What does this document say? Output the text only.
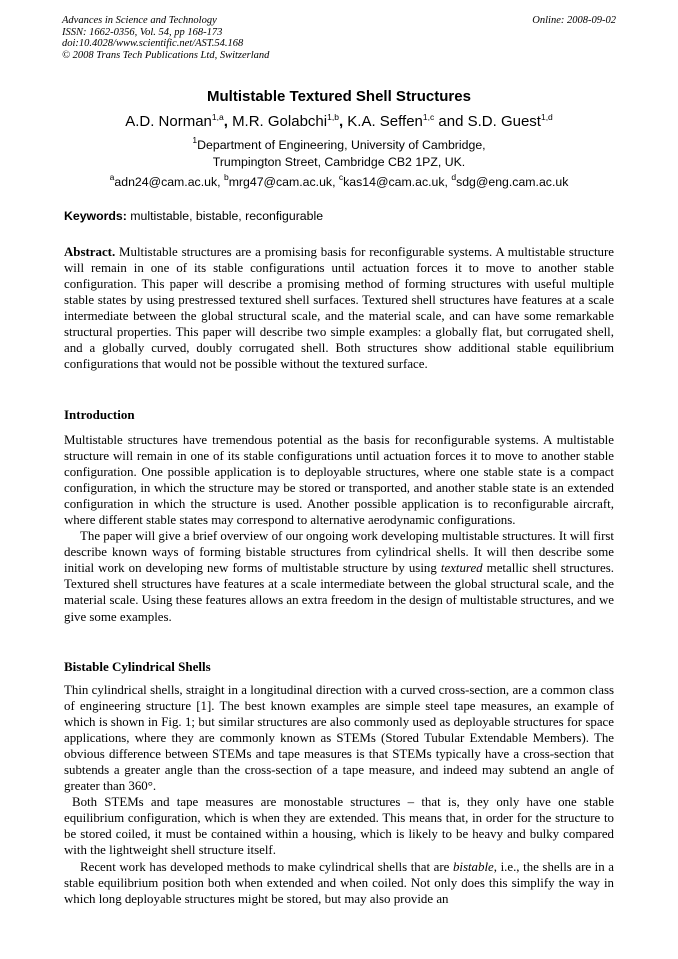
Advances in Science and Technology
ISSN: 1662-0356, Vol. 54, pp 168-173
doi:10.4028/www.scientific.net/AST.54.168
© 2008 Trans Tech Publications Ltd, Switzerland
Online: 2008-09-02
Multistable Textured Shell Structures
A.D. Norman$^{1,a}$, M.R. Golabchi$^{1,b}$, K.A. Seffen$^{1,c}$ and S.D. Guest$^{1,d}$
$^1$Department of Engineering, University of Cambridge,
Trumpington Street, Cambridge CB2 1PZ, UK.
$^a$adn24@cam.ac.uk, $^b$mrg47@cam.ac.uk, $^c$kas14@cam.ac.uk, $^d$sdg@eng.cam.ac.uk
Keywords: multistable, bistable, reconfigurable

Abstract. Multistable structures are a promising basis for reconfigurable systems. A multistable structure will remain in one of its stable configurations until actuation forces it to move to another stable configuration. This paper will describe a promising method of forming structures with useful multiple stable states by using prestressed textured shell surfaces. Textured shell structures have features at a scale intermediate between the global structural scale, and the material scale, and can have some remarkable structural properties. This paper will describe two simple examples: a globally flat, but corrugated shell, and a globally curved, doubly corrugated shell. Both structures show additional stable equilibrium configurations that would not be possible without the textured surface.

Introduction

Multistable structures have tremendous potential as the basis for reconfigurable systems. A multistable structure will remain in one of its stable configurations until actuation forces it to move to another stable configuration. One possible application is to deployable structures, where one stable state is a compact configuration, in which the structure may be stored or transported, and another stable state is an extended configuration in which the structure is used. Another possible application is to reconfigurable aircraft, where different stable states may correspond to alternative aerodynamic configurations.

The paper will give a brief overview of our ongoing work developing multistable structures. It will first describe known ways of forming bistable structures from cylindrical shells. It will then describe some initial work on developing new forms of multistable structure by using textured metallic shell structures. Textured shell structures have features at a scale intermediate between the global structural scale, and the material scale. Using these features allows an extra freedom in the design of multistable structures, and we give some examples.

Bistable Cylindrical Shells

Thin cylindrical shells, straight in a longitudinal direction with a curved cross-section, are a common class of engineering structure [1]. The best known examples are simple steel tape measures, an example of which is shown in Fig. 1; but similar structures are also commonly used as deployable structures for space applications, where they are commonly known as STEMs (Stored Tubular Extendable Members). The obvious difference between STEMs and tape measures is that STEMs typically have a cross-section that subtends a greater angle than the cross-section of a tape measure, and indeed may subtend an angle of greater than 360°.

Both STEMs and tape measures are monostable structures – that is, they only have one stable equilibrium configuration, which is when they are extended. This means that, in order for the structure to be stored coiled, it must be contained within a housing, which is likely to be heavy and bulky compared with the lightweight shell structure itself.

Recent work has developed methods to make cylindrical shells that are bistable, i.e., the shells are in a stable equilibrium position both when extended and when coiled. Not only does this simplify the way in which long deployable structures might be stored, but may also provide an
